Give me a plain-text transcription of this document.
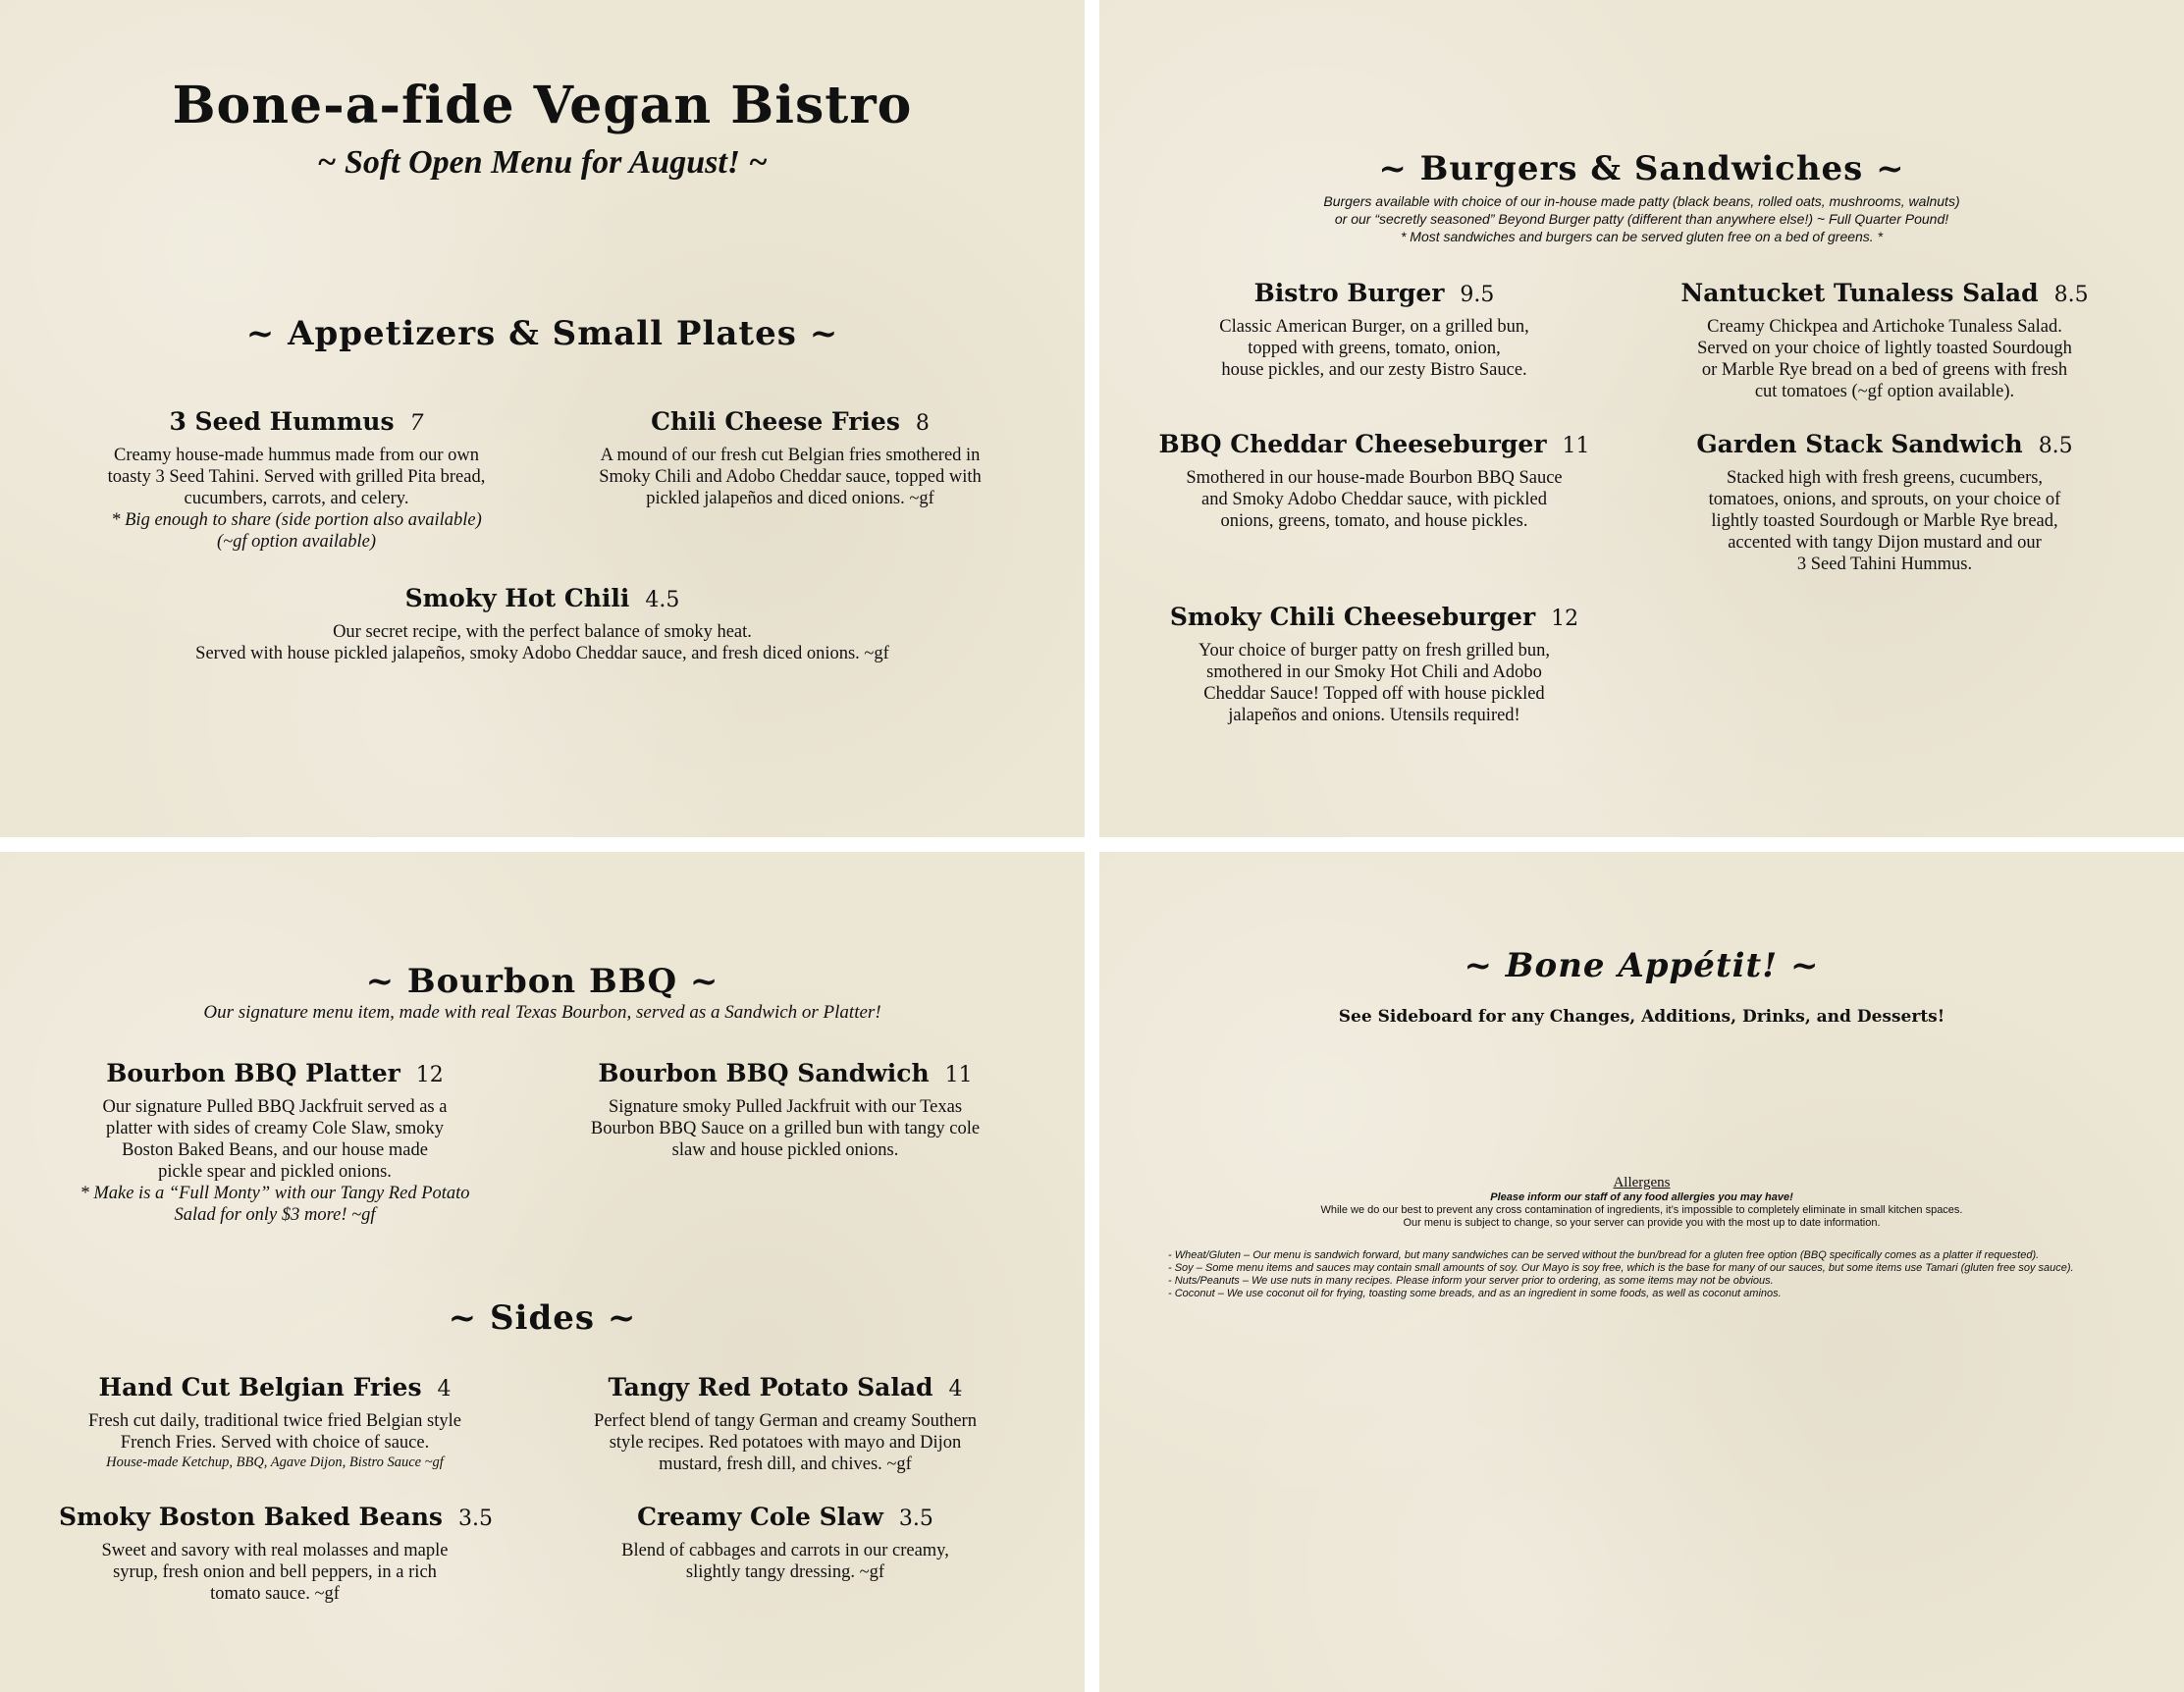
Bone-a-fide Vegan Bistro
~ Soft Open Menu for August! ~
~ Appetizers & Small Plates ~
3 Seed Hummus 7
Creamy house-made hummus made from our own
toasty 3 Seed Tahini. Served with grilled Pita bread,
cucumbers, carrots, and celery.
* Big enough to share (side portion also available)
(~gf option available)
Chili Cheese Fries 8
A mound of our fresh cut Belgian fries smothered in
Smoky Chili and Adobo Cheddar sauce, topped with
pickled jalapeños and diced onions. ~gf
Smoky Hot Chili 4.5
Our secret recipe, with the perfect balance of smoky heat.
Served with house pickled jalapeños, smoky Adobo Cheddar sauce, and fresh diced onions. ~gf
~ Burgers & Sandwiches ~
Burgers available with choice of our in-house made patty (black beans, rolled oats, mushrooms, walnuts)
or our “secretly seasoned” Beyond Burger patty (different than anywhere else!) ~ Full Quarter Pound!
* Most sandwiches and burgers can be served gluten free on a bed of greens. *
Bistro Burger 9.5
Classic American Burger, on a grilled bun,
topped with greens, tomato, onion,
house pickles, and our zesty Bistro Sauce.
Nantucket Tunaless Salad 8.5
Creamy Chickpea and Artichoke Tunaless Salad.
Served on your choice of lightly toasted Sourdough
or Marble Rye bread on a bed of greens with fresh
cut tomatoes (~gf option available).
BBQ Cheddar Cheeseburger 11
Smothered in our house-made Bourbon BBQ Sauce
and Smoky Adobo Cheddar sauce, with pickled
onions, greens, tomato, and house pickles.
Garden Stack Sandwich 8.5
Stacked high with fresh greens, cucumbers,
tomatoes, onions, and sprouts, on your choice of
lightly toasted Sourdough or Marble Rye bread,
accented with tangy Dijon mustard and our
3 Seed Tahini Hummus.
Smoky Chili Cheeseburger 12
Your choice of burger patty on fresh grilled bun,
smothered in our Smoky Hot Chili and Adobo
Cheddar Sauce! Topped off with house pickled
jalapeños and onions. Utensils required!
~ Bourbon BBQ ~
Our signature menu item, made with real Texas Bourbon, served as a Sandwich or Platter!
Bourbon BBQ Platter 12
Our signature Pulled BBQ Jackfruit served as a
platter with sides of creamy Cole Slaw, smoky
Boston Baked Beans, and our house made
pickle spear and pickled onions.
* Make is a “Full Monty” with our Tangy Red Potato
Salad for only $3 more! ~gf
Bourbon BBQ Sandwich 11
Signature smoky Pulled Jackfruit with our Texas
Bourbon BBQ Sauce on a grilled bun with tangy cole
slaw and house pickled onions.
~ Sides ~
Hand Cut Belgian Fries 4
Fresh cut daily, traditional twice fried Belgian style
French Fries. Served with choice of sauce.
House-made Ketchup, BBQ, Agave Dijon, Bistro Sauce ~gf
Tangy Red Potato Salad 4
Perfect blend of tangy German and creamy Southern
style recipes. Red potatoes with mayo and Dijon
mustard, fresh dill, and chives. ~gf
Smoky Boston Baked Beans 3.5
Sweet and savory with real molasses and maple
syrup, fresh onion and bell peppers, in a rich
tomato sauce. ~gf
Creamy Cole Slaw 3.5
Blend of cabbages and carrots in our creamy,
slightly tangy dressing. ~gf
~ Bone Appétit! ~
See Sideboard for any Changes, Additions, Drinks, and Desserts!
Allergens
Please inform our staff of any food allergies you may have!
While we do our best to prevent any cross contamination of ingredients, it’s impossible to completely eliminate in small kitchen spaces.
Our menu is subject to change, so your server can provide you with the most up to date information.
- Wheat/Gluten – Our menu is sandwich forward, but many sandwiches can be served without the bun/bread for a gluten free option (BBQ specifically comes as a platter if requested).
- Soy – Some menu items and sauces may contain small amounts of soy. Our Mayo is soy free, which is the base for many of our sauces, but some items use Tamari (gluten free soy sauce).
- Nuts/Peanuts – We use nuts in many recipes. Please inform your server prior to ordering, as some items may not be obvious.
- Coconut – We use coconut oil for frying, toasting some breads, and as an ingredient in some foods, as well as coconut aminos.
